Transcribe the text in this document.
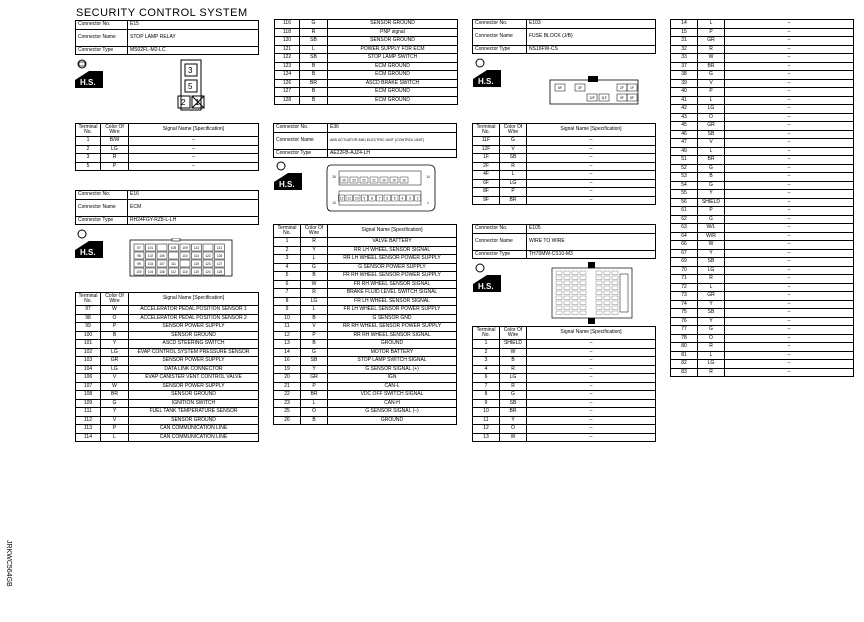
SECURITY CONTROL SYSTEM
JRKWC564GB
Connector No.	E15
Connector Name	STOP LAMP RELAY
Connector Type	MS02FL-M2-LC
H.S.
3
5
2 1
Terminal No.	Color Of Wire	Signal Name [Specification]
1	B/W	–
2	LG	–
3	R	–
5	P	–
Connector No.	E16
Connector Name	ECM
Connector Type	RH24FGY-RZ8-L-LH
H.S.	97 101	105 109 113	121
98 102 106	110 114 122 126
99 103 107 111	115 123 127
100 104 108 112 116 120 124 128
Terminal No.	Color Of Wire	Signal Name [Specification]
97	W	ACCELERATOR PEDAL POSITION SENSOR 1
98	O	ACCELERATOR PEDAL POSITION SENSOR 2
99	P	SENSOR POWER SUPPLY
100	B	SENSOR GROUND
101	Y	ASCD STEERING SWITCH
102	LG	EVAP CONTROL SYSTEM PRESSURE SENSOR
103	GR	SENSOR POWER SUPPLY
104	LG	DATA LINK CONNECTOR
106	V	EVAP CANISTER VENT CONTROL VALVE
107	W	SENSOR POWER SUPPLY
108	BR	SENSOR GROUND
109	G	IGNITION SWITCH
111	Y	FUEL TANK TEMPERATURE SENSOR
112	V	SENSOR GROUND
113	P	CAN COMMUNICATION LINE
114	L	CAN COMMUNICATION LINE
116	G	SENSOR GROUND
118	R	PNP signal
120	SB	SENSOR GROUND
121	L	POWER SUPPLY FOR ECM
122	SB	STOP LAMP SWITCH
123	B	ECM GROUND
124	B	ECM GROUND
126	BR	ASCD BRAKE SWITCH
127	B	ECM GROUND
128	B	ECM GROUND
Connector No.	E36
Connector Name	ABS ACTUATOR AND ELECTRIC UNIT (CONTROL UNIT)
Connector Type	AE22FB-AJZ4-LH
H.S.
26
25 23 22 21 20 19 16
14
13
12 11 10 9 8 7 6 5 4 3 2
1
Terminal No.	Color Of Wire	Signal Name [Specification]
1	R	VALVE BATTERY
2	Y	RR LH WHEEL SENSOR SIGNAL
3	L	RR LH WHEEL SENSOR POWER SUPPLY
4	G	G SENSOR POWER SUPPLY
5	B	FR RH WHEEL SENSOR POWER SUPPLY
6	W	FR RH WHEEL SENSOR SIGNAL
7	R	BRAKE FLUID LEVEL SWITCH SIGNAL
8	LG	FR LH WHEEL SENSOR SIGNAL
9	L	FR LH WHEEL SENSOR POWER SUPPLY
10	B	G SENSOR GND
11	V	RR RH WHEEL SENSOR POWER SUPPLY
12	P	RR RH WHEEL SENSOR SIGNAL
13	B	GROUND
14	G	MOTOR BATTERY
16	SB	STOP LAMP SWITCH SIGNAL
19	Y	G SENSOR SIGNAL (+)
20	GR	IGN
21	P	CAN-L
22	BR	VDC OFF SWITCH SIGNAL
23	L	CAN-H
25	O	G SENSOR SIGNAL (–)
26	B	GROUND
Connector No.	E103
Connector Name	FUSE BLOCK (J/B)
Connector Type	NS16FW-CS
H.S.
6F	4F	2F 1F
12F 11F	9F 8F
Terminal No.	Color Of Wire	Signal Name [Specification]
11F	G	–
12F	V	–
1F	SB	–
2F	R	–
4F	L	–
6F	LG	–
8F	P	–
9F	BR	–
Connector No.	E105
Connector Name	WIRE TO WIRE
Connector Type	TH70MW-CS10-M3
H.S.
Terminal No.	Color Of Wire	Signal Name [Specification]
1	SHIELD	–
2	W	–
3	B	–
4	R	–
6	LG	–
7	R	–
8	G	–
9	SB	–
10	BR	–
11	Y	–
12	O	–
13	W	–
14	L	–
15	P	–
31	GR	–
32	R	–
33	W	–
37	BR	–
38	G	–
39	V	–
40	P	–
41	L	–
42	LG	–
43	O	–
45	GR	–
46	SB	–
47	V	–
49	L	–
51	BR	–
52	G	–
53	B	–
54	G	–
55	Y	–
56	SHIELD	–
61	P	–
62	G	–
63	W/L	–
64	W/R	–
66	W	–
67	Y	–
69	SB	–
70	LG	–
71	R	–
72	L	–
73	GR	–
74	Y	–
75	SB	–
76	Y	–
77	G	–
78	O	–
80	R	–
81	L	–
82	LG	–
83	R	–
